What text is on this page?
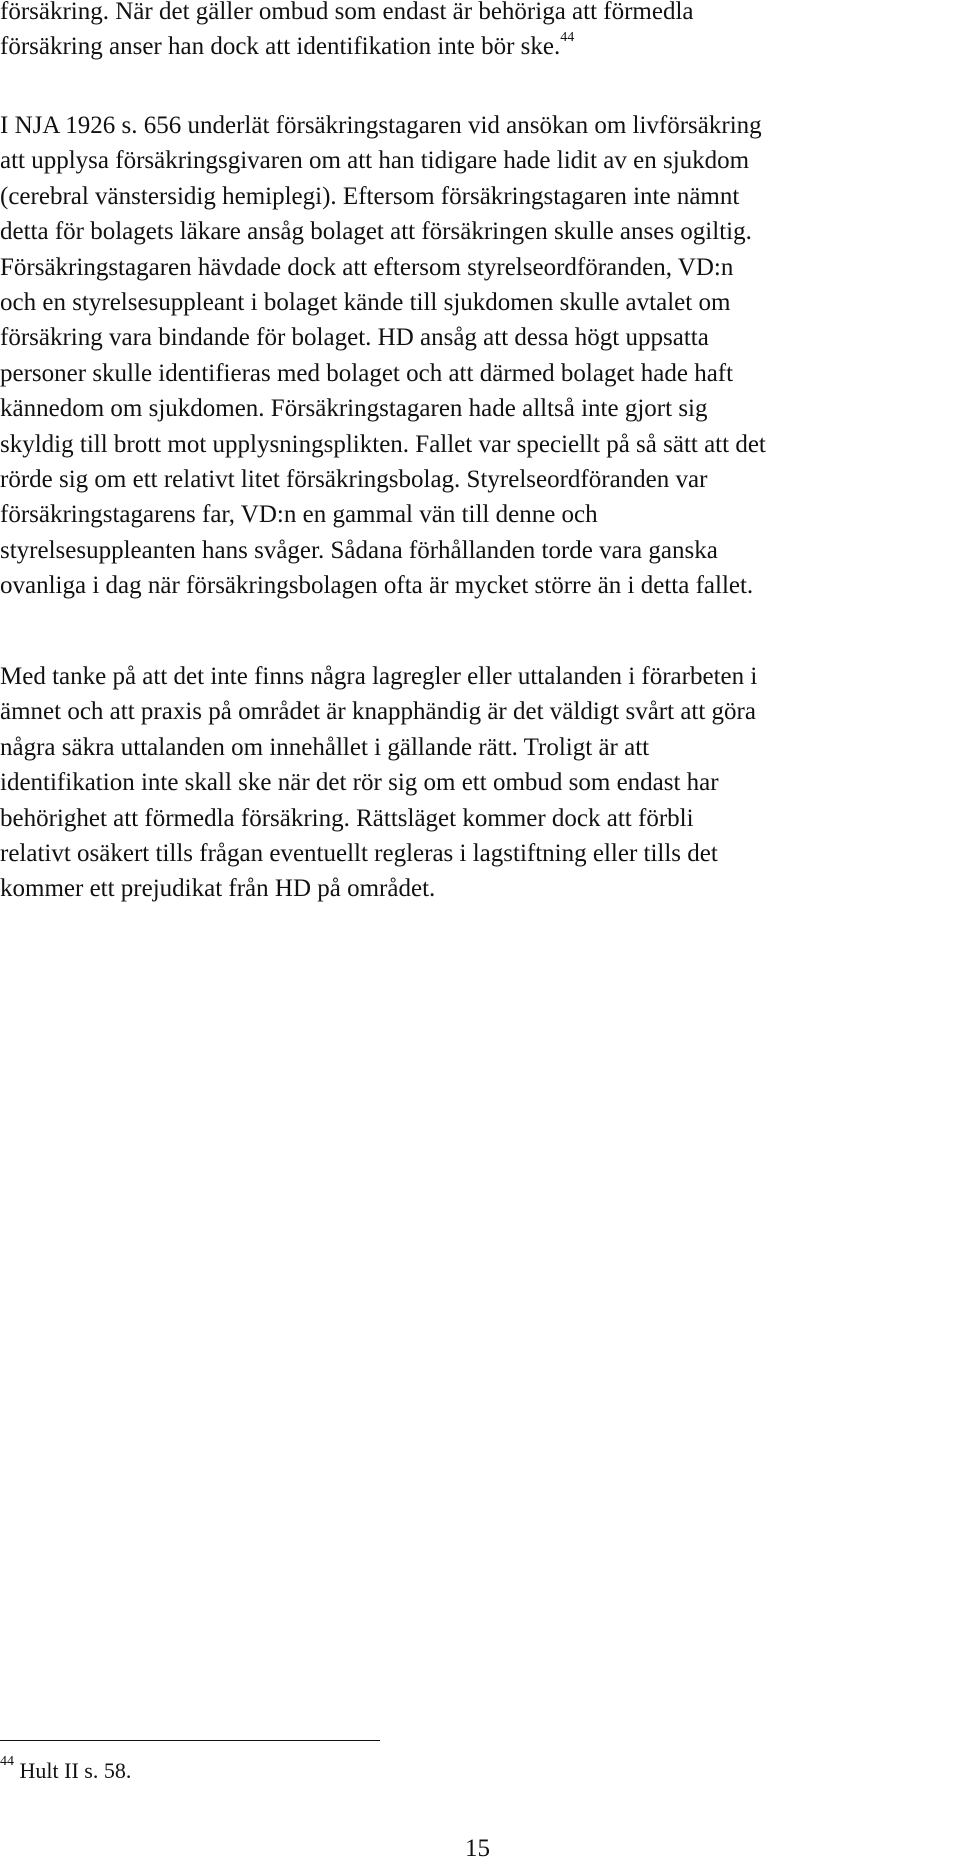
försäkring. När det gäller ombud som endast är behöriga att förmedla
försäkring anser han dock att identifikation inte bör ske.$^{44}$

I NJA 1926 s. 656 underlät försäkringstagaren vid ansökan om livförsäkring
att upplysa försäkringsgivaren om att han tidigare hade lidit av en sjukdom
(cerebral vänstersidig hemiplegi). Eftersom försäkringstagaren inte nämnt
detta för bolagets läkare ansåg bolaget att försäkringen skulle anses ogiltig.
Försäkringstagaren hävdade dock att eftersom styrelseordföranden, VD:n
och en styrelsesuppleant i bolaget kände till sjukdomen skulle avtalet om
försäkring vara bindande för bolaget. HD ansåg att dessa högt uppsatta
personer skulle identifieras med bolaget och att därmed bolaget hade haft
kännedom om sjukdomen. Försäkringstagaren hade alltså inte gjort sig
skyldig till brott mot upplysningsplikten. Fallet var speciellt på så sätt att det
rörde sig om ett relativt litet försäkringsbolag. Styrelseordföranden var
försäkringstagarens far, VD:n en gammal vän till denne och
styrelsesuppleanten hans svåger. Sådana förhållanden torde vara ganska
ovanliga i dag när försäkringsbolagen ofta är mycket större än i detta fallet.

Med tanke på att det inte finns några lagregler eller uttalanden i förarbeten i
ämnet och att praxis på området är knapphändig är det väldigt svårt att göra
några säkra uttalanden om innehållet i gällande rätt. Troligt är att
identifikation inte skall ske när det rör sig om ett ombud som endast har
behörighet att förmedla försäkring. Rättsläget kommer dock att förbli
relativt osäkert tills frågan eventuellt regleras i lagstiftning eller tills det
kommer ett prejudikat från HD på området.

$^{44}$ Hult II s. 58.
15
